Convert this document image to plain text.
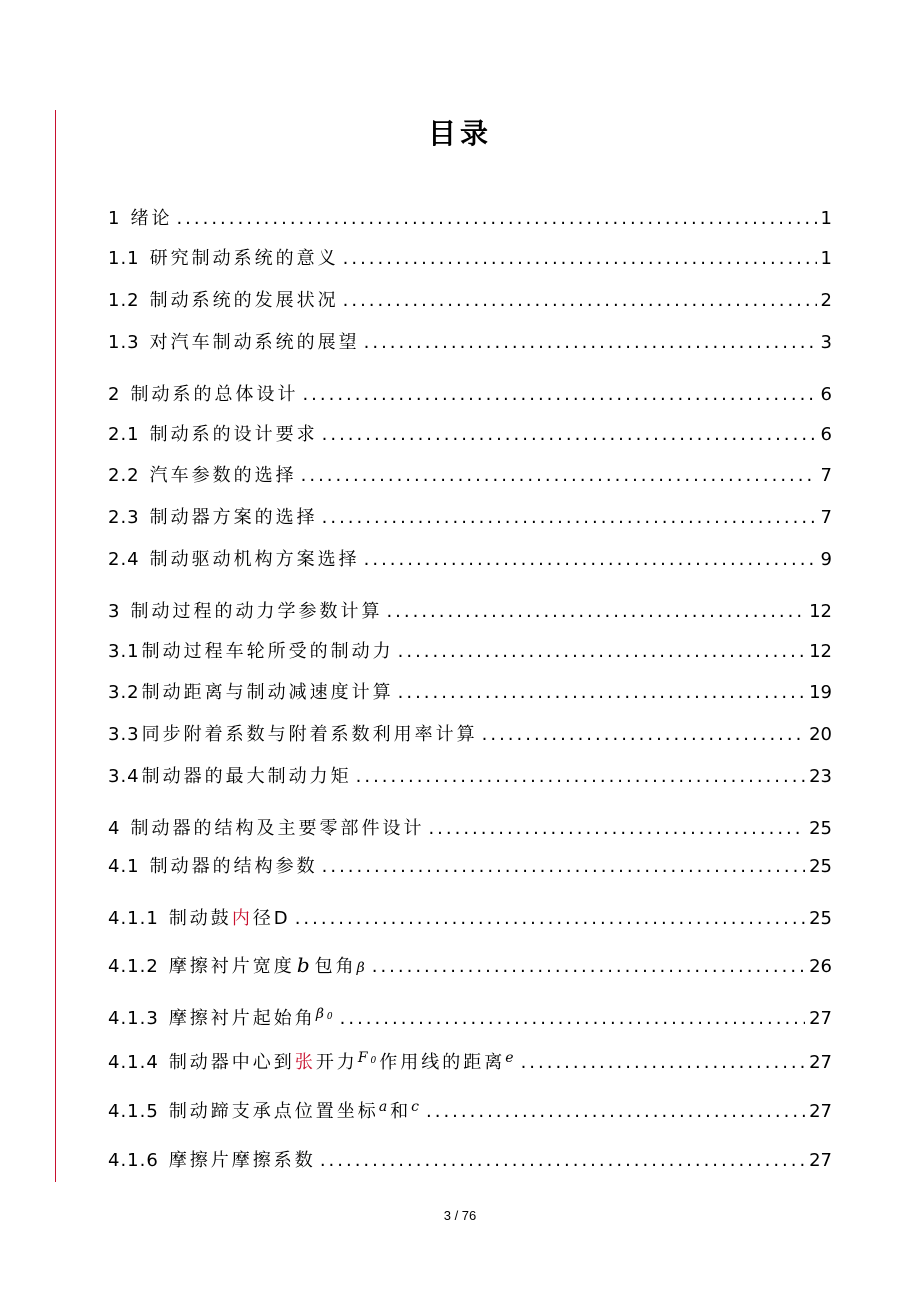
目录
1 绪论 .....	1
1.1 研究制动系统的意义 .....	1
1.2 制动系统的发展状况 .....	2
1.3 对汽车制动系统的展望 .....	3
2 制动系的总体设计 .....	6
2.1 制动系的设计要求 .....	6
2.2 汽车参数的选择 .....	7
2.3 制动器方案的选择 .....	7
2.4 制动驱动机构方案选择 .....	9
3 制动过程的动力学参数计算 .....	12
3.1 制动过程车轮所受的制动力 .....	12
3.2 制动距离与制动减速度计算 .....	19
3.3 同步附着系数与附着系数利用率计算 .....	20
3.4 制动器的最大制动力矩 .....	23
4 制动器的结构及主要零部件设计 .....	25
4.1 制动器的结构参数 .....	25
4.1.1 制动鼓内径D .....	25
4.1.2 摩擦衬片宽度 b 包角β .....	26
4.1.3 摩擦衬片起始角$^{\beta 0}$ .....	27
4.1.4 制动器中心到张开力$^{F0}$作用线的距离$^e$ .....	27
4.1.5 制动蹄支承点位置坐标$^a$和$^c$ .....	27
4.1.6 摩擦片摩擦系数 .....	27
3 / 76
